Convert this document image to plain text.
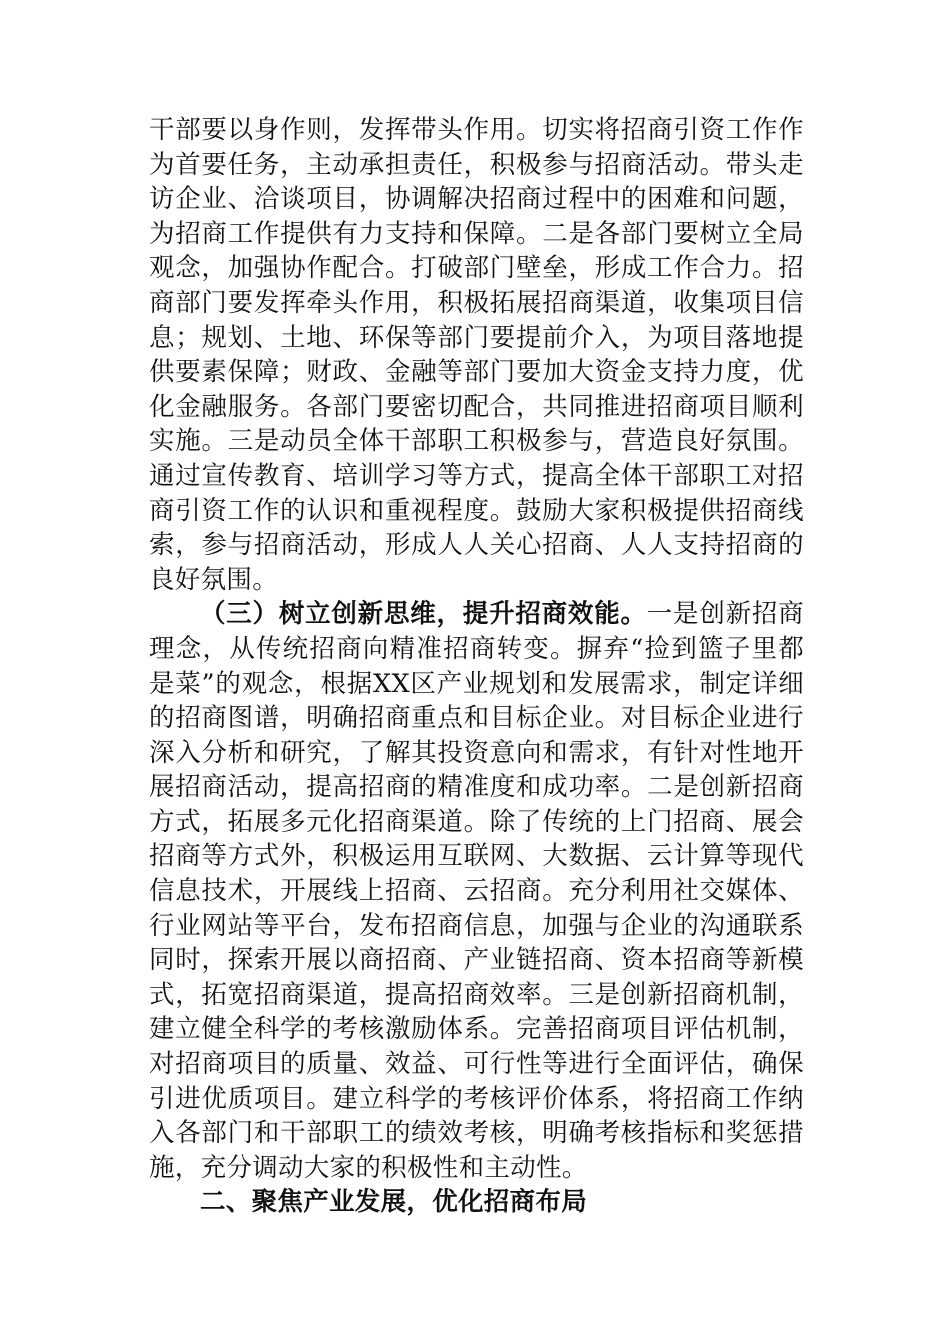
干部要以身作则，发挥带头作用。切实将招商引资工作作为首要任务，主动承担责任，积极参与招商活动。带头走访企业、洽谈项目，协调解决招商过程中的困难和问题，为招商工作提供有力支持和保障。二是各部门要树立全局观念，加强协作配合。打破部门壁垒，形成工作合力。招商部门要发挥牵头作用，积极拓展招商渠道，收集项目信息；规划、土地、环保等部门要提前介入，为项目落地提供要素保障；财政、金融等部门要加大资金支持力度，优化金融服务。各部门要密切配合，共同推进招商项目顺利实施。三是动员全体干部职工积极参与，营造良好氛围。通过宣传教育、培训学习等方式，提高全体干部职工对招商引资工作的认识和重视程度。鼓励大家积极提供招商线索，参与招商活动，形成人人关心招商、人人支持招商的良好氛围。

（三）树立创新思维，提升招商效能。一是创新招商理念，从传统招商向精准招商转变。摒弃“捡到篮子里都是菜”的观念，根据XX区产业规划和发展需求，制定详细的招商图谱，明确招商重点和目标企业。对目标企业进行深入分析和研究，了解其投资意向和需求，有针对性地开展招商活动，提高招商的精准度和成功率。二是创新招商方式，拓展多元化招商渠道。除了传统的上门招商、展会招商等方式外，积极运用互联网、大数据、云计算等现代信息技术，开展线上招商、云招商。充分利用社交媒体、行业网站等平台，发布招商信息，加强与企业的沟通联系同时，探索开展以商招商、产业链招商、资本招商等新模式，拓宽招商渠道，提高招商效率。三是创新招商机制，建立健全科学的考核激励体系。完善招商项目评估机制，对招商项目的质量、效益、可行性等进行全面评估，确保引进优质项目。建立科学的考核评价体系，将招商工作纳入各部门和干部职工的绩效考核，明确考核指标和奖惩措施，充分调动大家的积极性和主动性。

二、聚焦产业发展，优化招商布局
